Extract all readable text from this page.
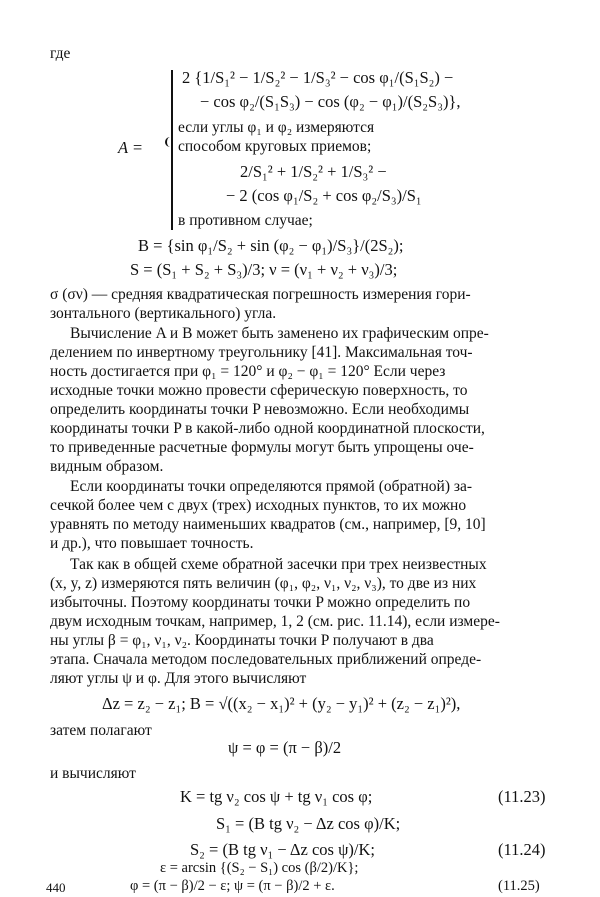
где
A =
2 {1/S₁² − 1/S₂² − 1/S₃² − cos φ₁/(S₁S₂) −
− cos φ₂/(S₁S₃) − cos (φ₂ − φ₁)/(S₂S₃)},
если углы φ₁ и φ₂ измеряются
способом круговых приемов;
2/S₁² + 1/S₂² + 1/S₃² −
− 2 (cos φ₁/S₂ + cos φ₂/S₃)/S₁
в противном случае;
B = {sin φ₁/S₂ + sin (φ₂ − φ₁)/S₃}/(2S₂);
S = (S₁ + S₂ + S₃)/3; ν = (ν₁ + ν₂ + ν₃)/3;
σ (σν) — средняя квадратическая погрешность измерения гори-
зонтального (вертикального) угла.
Вычисление A и B может быть заменено их графическим опре-
делением по инвертному треугольнику [41]. Максимальная точ-
ность достигается при φ₁ = 120° и φ₂ − φ₁ = 120° Если через
исходные точки можно провести сферическую поверхность, то
определить координаты точки P невозможно. Если необходимы
координаты точки P в какой-либо одной координатной плоскости,
то приведенные расчетные формулы могут быть упрощены оче-
видным образом.
Если координаты точки определяются прямой (обратной) за-
сечкой более чем с двух (трех) исходных пунктов, то их можно
уравнять по методу наименьших квадратов (см., например, [9, 10]
и др.), что повышает точность.
Так как в общей схеме обратной засечки при трех неизвестных
(x, y, z) измеряются пять величин (φ₁, φ₂, ν₁, ν₂, ν₃), то две из них
избыточны. Поэтому координаты точки P можно определить по
двум исходным точкам, например, 1, 2 (см. рис. 11.14), если измере-
ны углы β = φ₁, ν₁, ν₂. Координаты точки P получают в два
этапа. Сначала методом последовательных приближений опреде-
ляют углы ψ и φ. Для этого вычисляют
Δz = z₂ − z₁; B = √((x₂ − x₁)² + (y₂ − y₁)² + (z₂ − z₁)²),
затем полагают
ψ = φ = (π − β)/2
и вычисляют
K = tg ν₂ cos ψ + tg ν₁ cos φ;	(11.23)
S₁ = (B tg ν₂ − Δz cos φ)/K;
S₂ = (B tg ν₁ − Δz cos ψ)/K;	(11.24)
ε = arcsin {(S₂ − S₁) cos (β/2)/K};
φ = (π − β)/2 − ε; ψ = (π − β)/2 + ε.	(11.25)
440
